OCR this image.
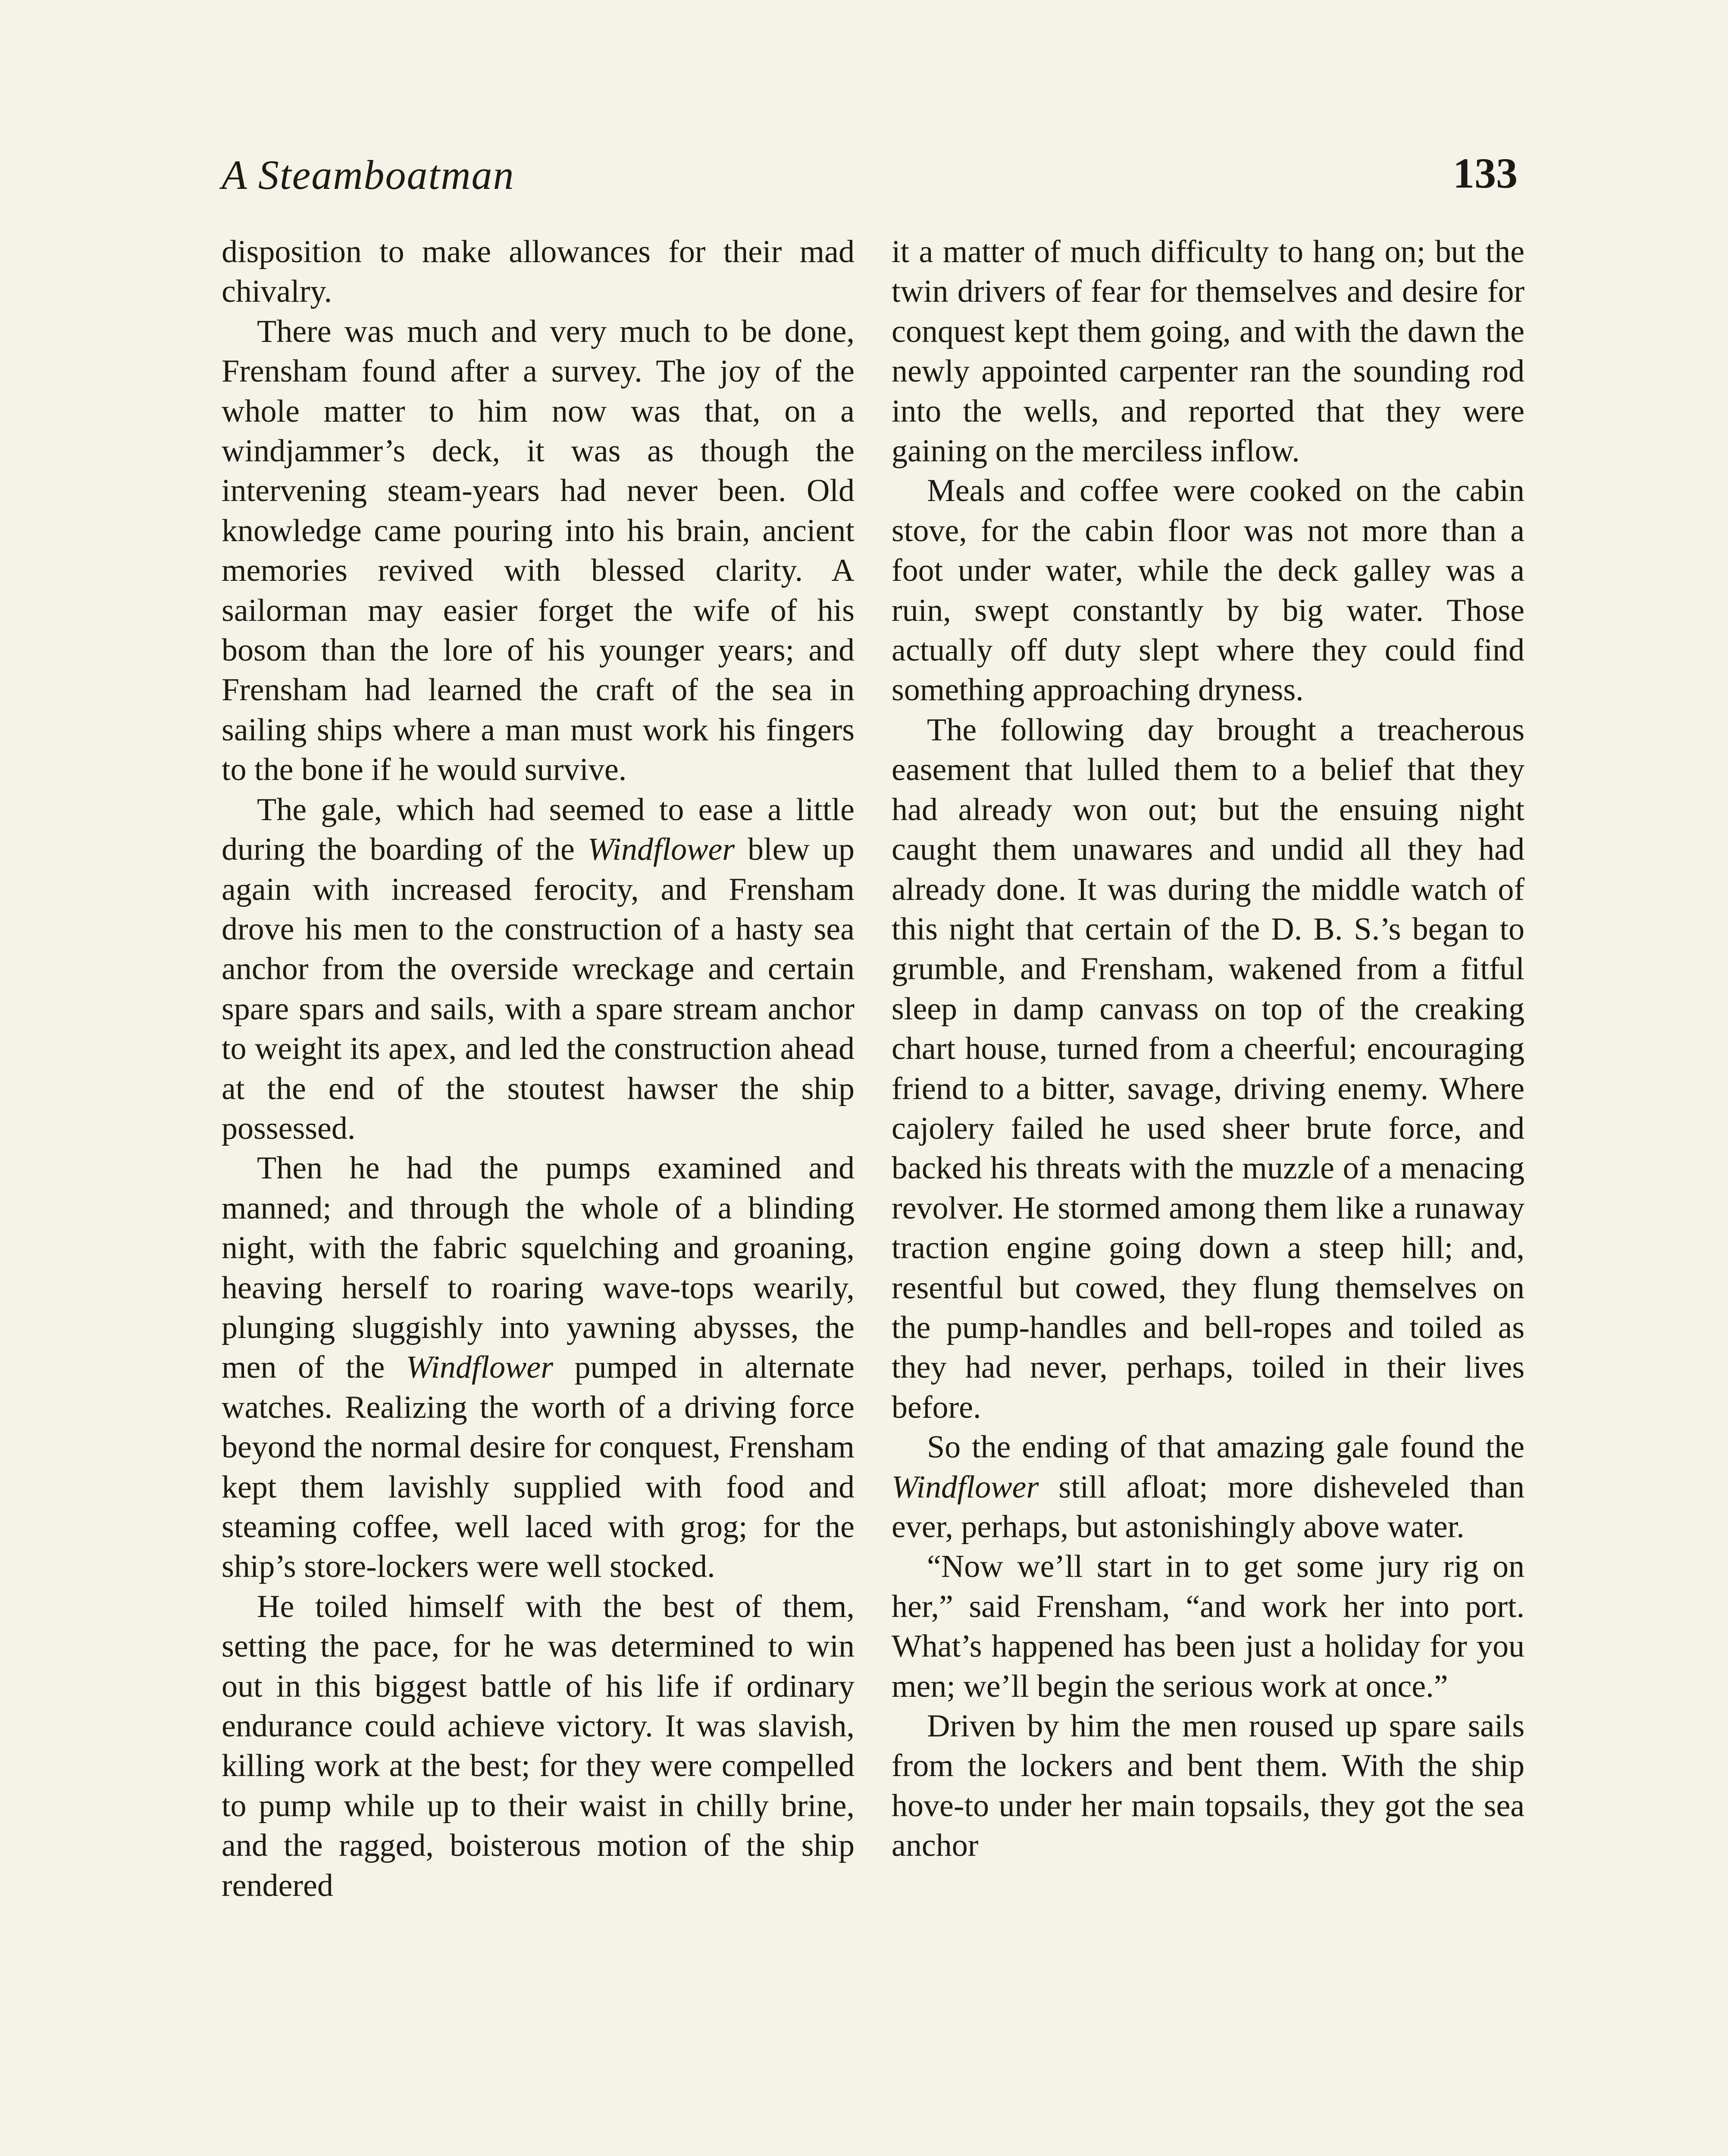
A Steamboatman	133

disposition to make allowances for their mad chivalry.

There was much and very much to be done, Frensham found after a survey. The joy of the whole matter to him now was that, on a windjammer’s deck, it was as though the intervening steam-years had never been. Old knowledge came pouring into his brain, ancient memories revived with blessed clarity. A sailorman may easier forget the wife of his bosom than the lore of his younger years; and Frensham had learned the craft of the sea in sailing ships where a man must work his fingers to the bone if he would survive.

The gale, which had seemed to ease a little during the boarding of the Windflower blew up again with increased ferocity, and Frensham drove his men to the construction of a hasty sea anchor from the overside wreckage and certain spare spars and sails, with a spare stream anchor to weight its apex, and led the construction ahead at the end of the stoutest hawser the ship possessed.

Then he had the pumps examined and manned; and through the whole of a blinding night, with the fabric squelching and groaning, heaving herself to roaring wave-tops wearily, plunging sluggishly into yawning abysses, the men of the Windflower pumped in alternate watches. Realizing the worth of a driving force beyond the normal desire for conquest, Frensham kept them lavishly supplied with food and steaming coffee, well laced with grog; for the ship’s store-lockers were well stocked.

He toiled himself with the best of them, setting the pace, for he was determined to win out in this biggest battle of his life if ordinary endurance could achieve victory. It was slavish, killing work at the best; for they were compelled to pump while up to their waist in chilly brine, and the ragged, boisterous motion of the ship rendered

it a matter of much difficulty to hang on; but the twin drivers of fear for themselves and desire for conquest kept them going, and with the dawn the newly appointed carpenter ran the sounding rod into the wells, and reported that they were gaining on the merciless inflow.

Meals and coffee were cooked on the cabin stove, for the cabin floor was not more than a foot under water, while the deck galley was a ruin, swept constantly by big water. Those actually off duty slept where they could find something approaching dryness.

The following day brought a treacherous easement that lulled them to a belief that they had already won out; but the ensuing night caught them unawares and undid all they had already done. It was during the middle watch of this night that certain of the D. B. S.’s began to grumble, and Frensham, wakened from a fitful sleep in damp canvass on top of the creaking chart house, turned from a cheerful; encouraging friend to a bitter, savage, driving enemy. Where cajolery failed he used sheer brute force, and backed his threats with the muzzle of a menacing revolver. He stormed among them like a runaway traction engine going down a steep hill; and, resentful but cowed, they flung themselves on the pump-handles and bell-ropes and toiled as they had never, perhaps, toiled in their lives before.

So the ending of that amazing gale found the Windflower still afloat; more disheveled than ever, perhaps, but astonishingly above water.

“Now we’ll start in to get some jury rig on her,” said Frensham, “and work her into port. What’s happened has been just a holiday for you men; we’ll begin the serious work at once.”

Driven by him the men roused up spare sails from the lockers and bent them. With the ship hove-to under her main topsails, they got the sea anchor
